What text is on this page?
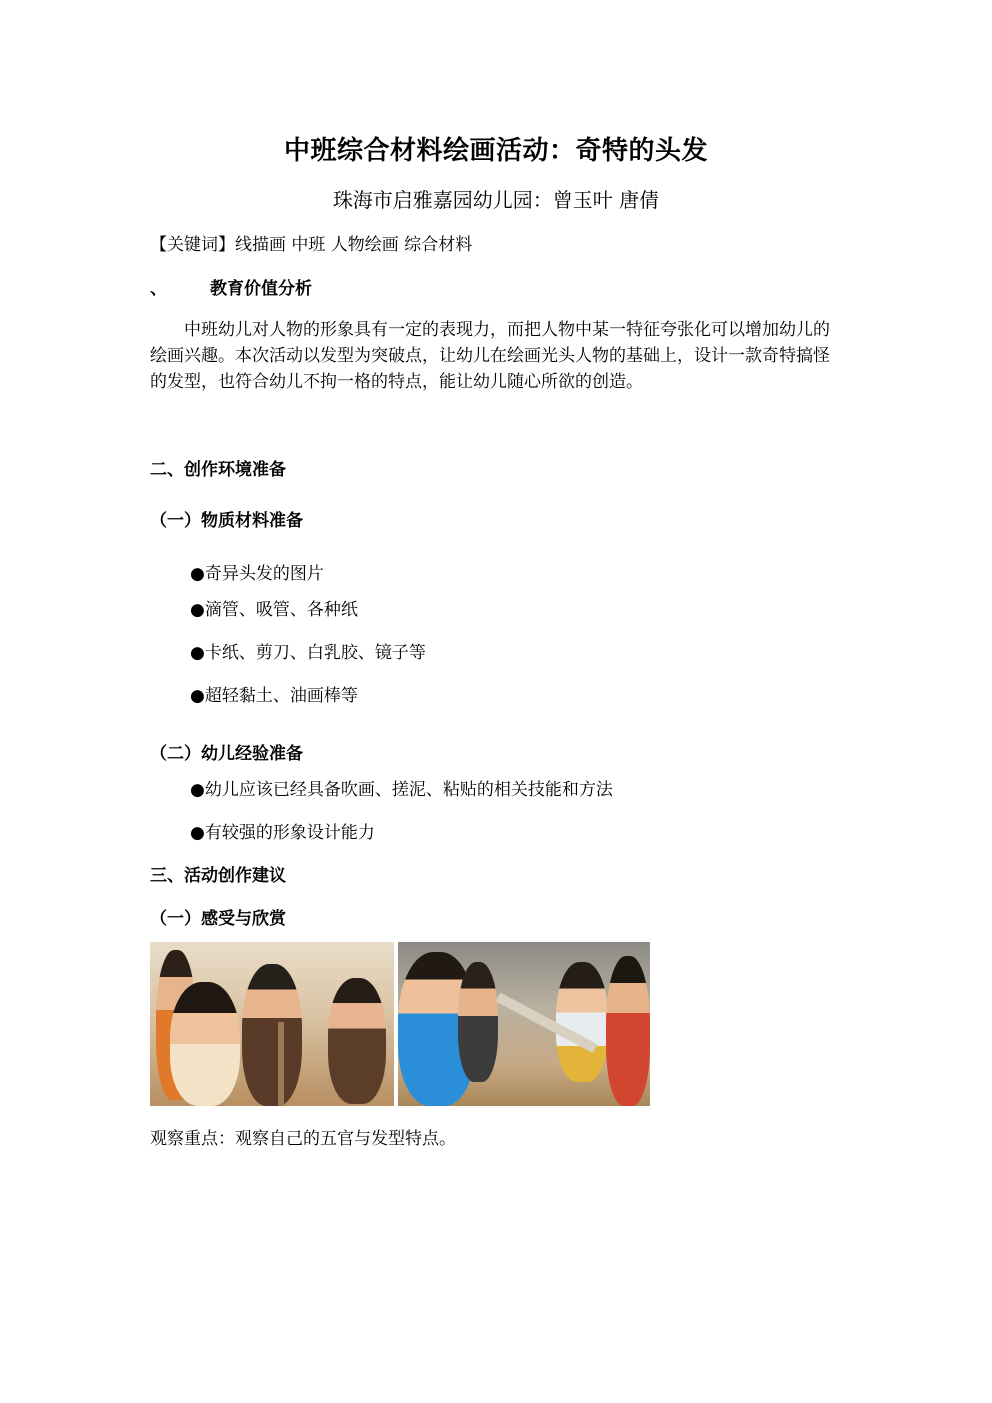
中班综合材料绘画活动：奇特的头发
珠海市启雅嘉园幼儿园：曾玉叶 唐倩
【关键词】线描画 中班 人物绘画 综合材料
、	教育价值分析

中班幼儿对人物的形象具有一定的表现力，而把人物中某一特征夸张化可以增加幼儿的绘画兴趣。本次活动以发型为突破点，让幼儿在绘画光头人物的基础上，设计一款奇特搞怪的发型，也符合幼儿不拘一格的特点，能让幼儿随心所欲的创造。

二、创作环境准备
（一）物质材料准备
●奇异头发的图片
●滴管、吸管、各种纸
●卡纸、剪刀、白乳胶、镜子等
●超轻黏土、油画棒等
（二）幼儿经验准备
●幼儿应该已经具备吹画、搓泥、粘贴的相关技能和方法
●有较强的形象设计能力
三、活动创作建议
（一）感受与欣赏
观察重点：观察自己的五官与发型特点。
